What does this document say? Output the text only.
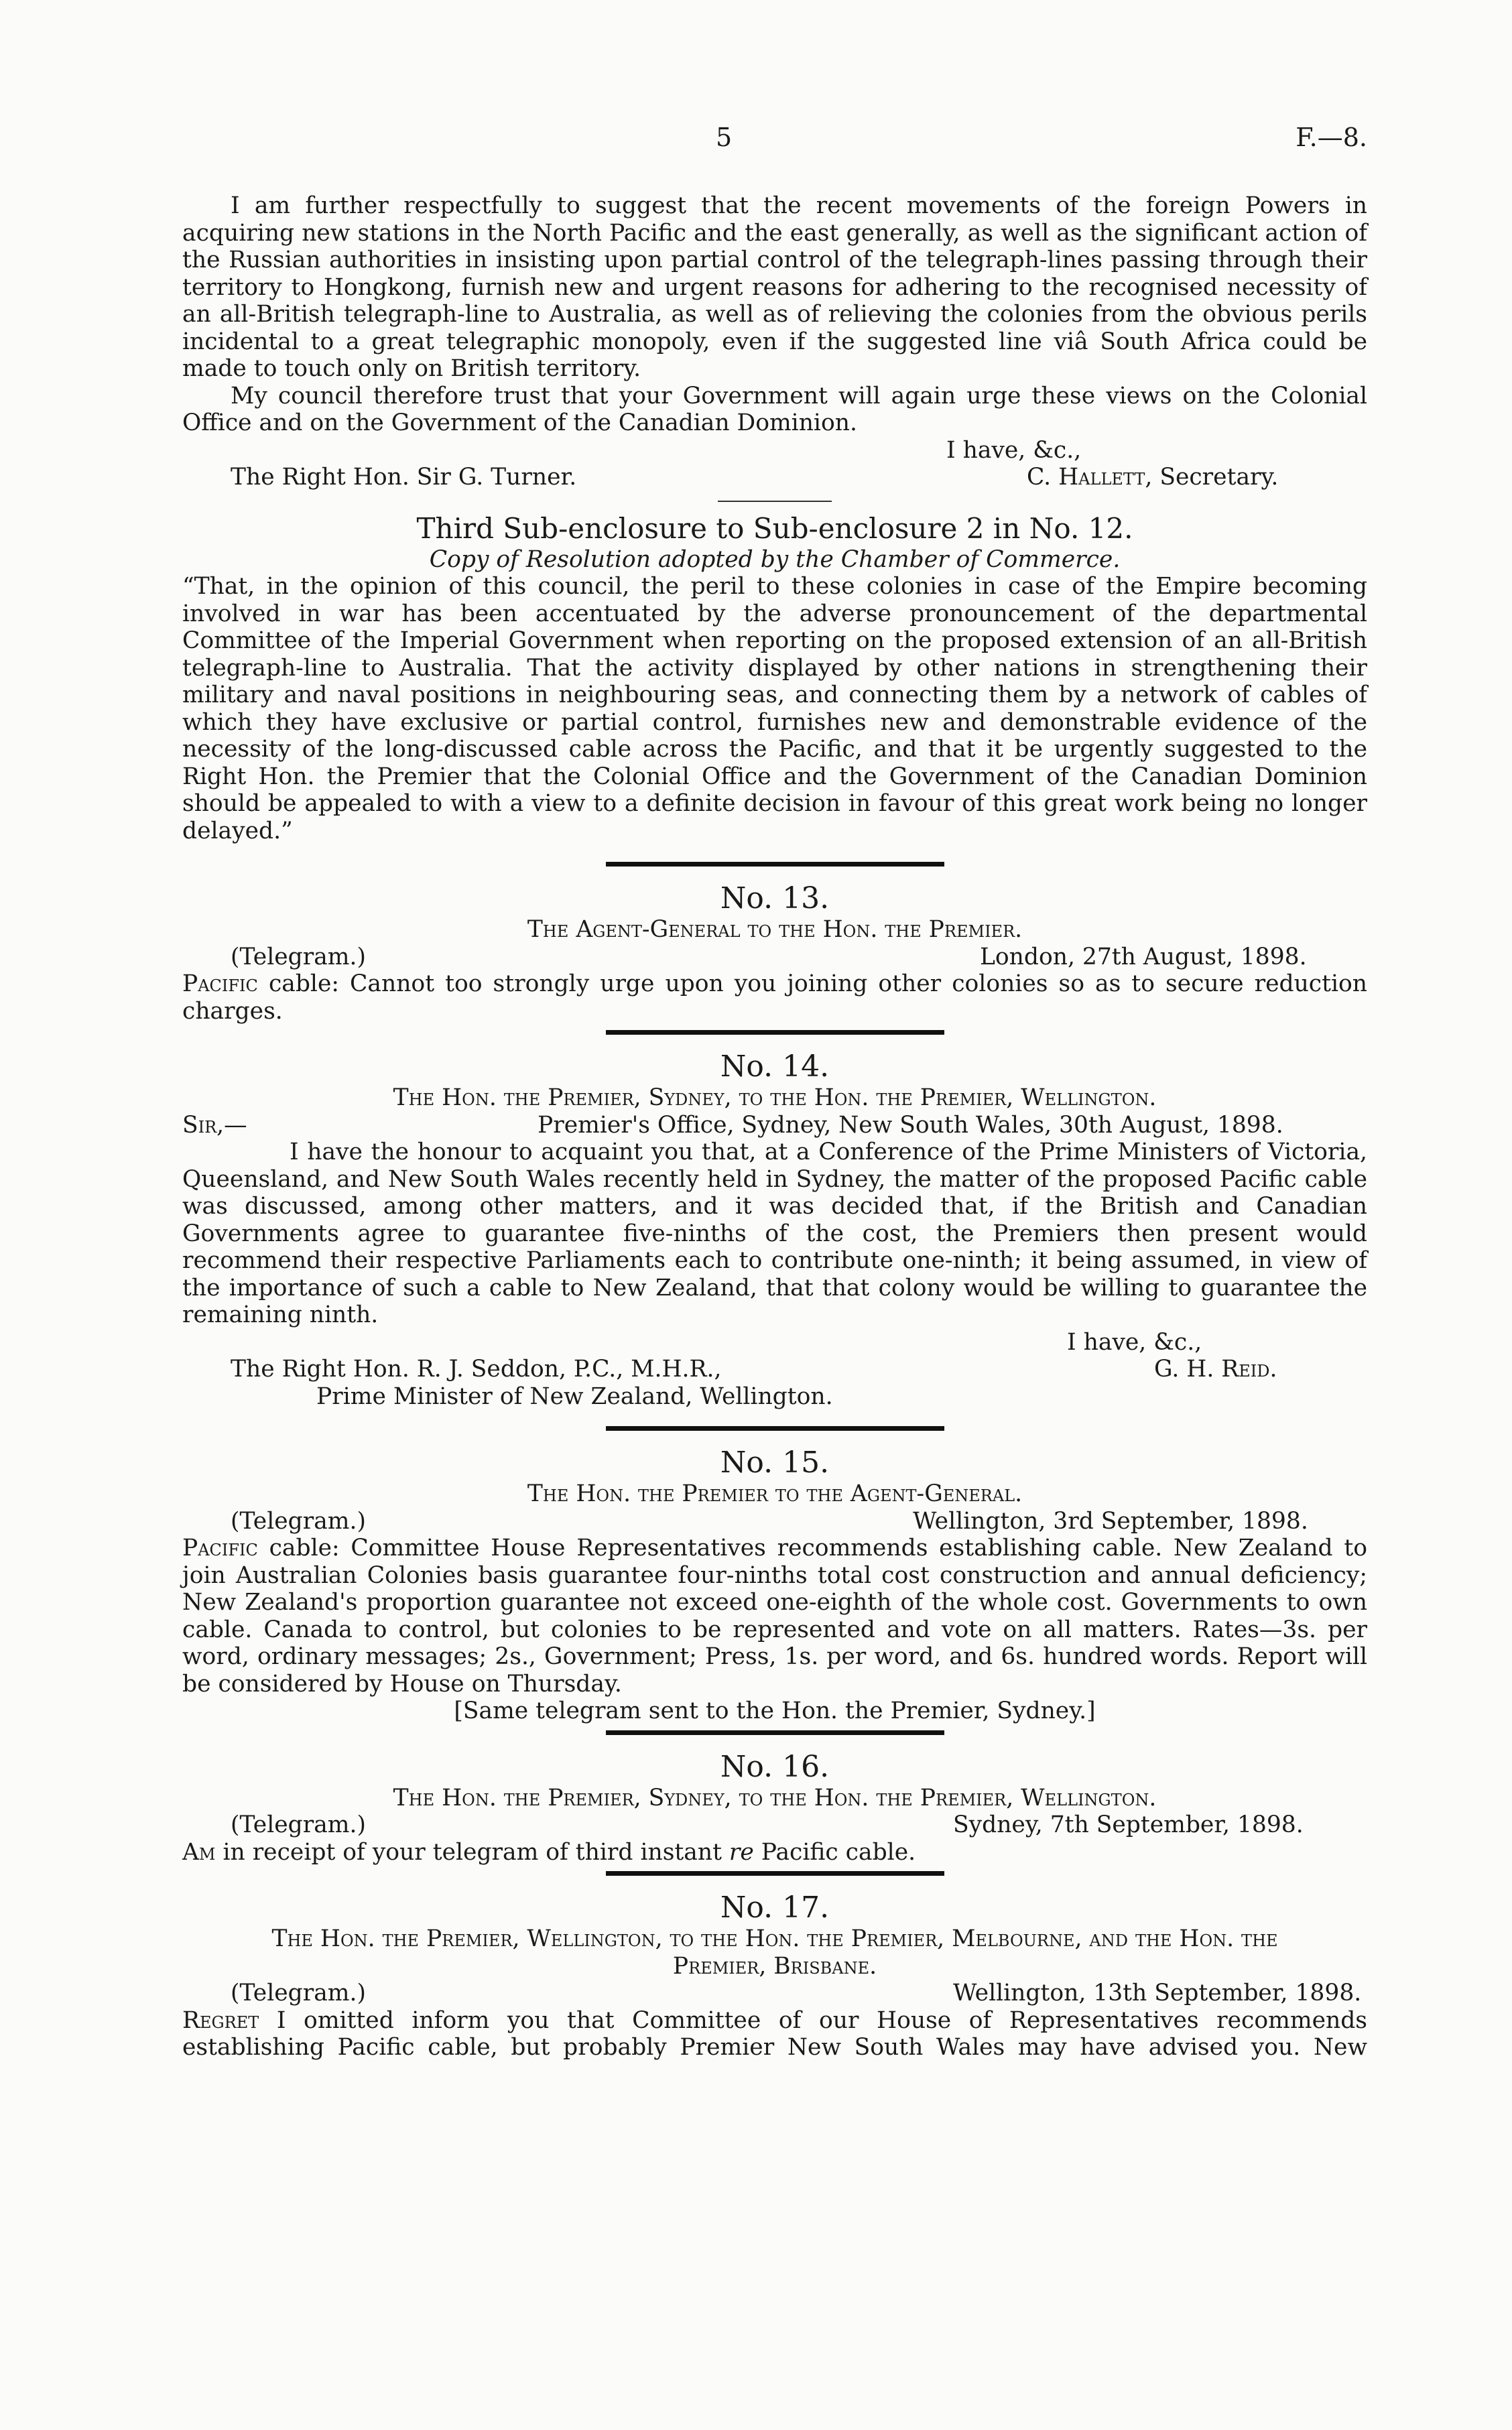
5	F.—8.

I am further respectfully to suggest that the recent movements of the foreign Powers in acquiring new stations in the North Pacific and the east generally, as well as the significant action of the Russian authorities in insisting upon partial control of the telegraph-lines passing through their territory to Hongkong, furnish new and urgent reasons for adhering to the recognised necessity of an all-British telegraph-line to Australia, as well as of relieving the colonies from the obvious perils incidental to a great telegraphic monopoly, even if the suggested line viâ South Africa could be made to touch only on British territory.

My council therefore trust that your Government will again urge these views on the Colonial Office and on the Government of the Canadian Dominion.

I have, &c.,
The Right Hon. Sir G. Turner.	C. Hallett, Secretary.

Third Sub-enclosure to Sub-enclosure 2 in No. 12.

Copy of Resolution adopted by the Chamber of Commerce.

“That, in the opinion of this council, the peril to these colonies in case of the Empire becoming involved in war has been accentuated by the adverse pronouncement of the departmental Committee of the Imperial Government when reporting on the proposed extension of an all-British telegraph-line to Australia. That the activity displayed by other nations in strengthening their military and naval positions in neighbouring seas, and connecting them by a network of cables of which they have exclusive or partial control, furnishes new and demonstrable evidence of the necessity of the long-discussed cable across the Pacific, and that it be urgently suggested to the Right Hon. the Premier that the Colonial Office and the Government of the Canadian Dominion should be appealed to with a view to a definite decision in favour of this great work being no longer delayed.”

No. 13.

The Agent-General to the Hon. the Premier.

(Telegram.)	London, 27th August, 1898.

Pacific cable: Cannot too strongly urge upon you joining other colonies so as to secure reduction charges.

No. 14.

The Hon. the Premier, Sydney, to the Hon. the Premier, Wellington.

Sir,—	Premier's Office, Sydney, New South Wales, 30th August, 1898.

I have the honour to acquaint you that, at a Conference of the Prime Ministers of Victoria, Queensland, and New South Wales recently held in Sydney, the matter of the proposed Pacific cable was discussed, among other matters, and it was decided that, if the British and Canadian Governments agree to guarantee five-ninths of the cost, the Premiers then present would recommend their respective Parliaments each to contribute one-ninth; it being assumed, in view of the importance of such a cable to New Zealand, that that colony would be willing to guarantee the remaining ninth.

I have, &c.,
The Right Hon. R. J. Seddon, P.C., M.H.R.,	G. H. Reid.
Prime Minister of New Zealand, Wellington.

No. 15.

The Hon. the Premier to the Agent-General.

(Telegram.)	Wellington, 3rd September, 1898.

Pacific cable: Committee House Representatives recommends establishing cable. New Zealand to join Australian Colonies basis guarantee four-ninths total cost construction and annual deficiency; New Zealand's proportion guarantee not exceed one-eighth of the whole cost. Governments to own cable. Canada to control, but colonies to be represented and vote on all matters. Rates—3s. per word, ordinary messages; 2s., Government; Press, 1s. per word, and 6s. hundred words. Report will be considered by House on Thursday.

[Same telegram sent to the Hon. the Premier, Sydney.]

No. 16.

The Hon. the Premier, Sydney, to the Hon. the Premier, Wellington.

(Telegram.)	Sydney, 7th September, 1898.

Am in receipt of your telegram of third instant re Pacific cable.

No. 17.

The Hon. the Premier, Wellington, to the Hon. the Premier, Melbourne, and the Hon. the

Premier, Brisbane.

(Telegram.)	Wellington, 13th September, 1898.

Regret I omitted inform you that Committee of our House of Representatives recommends establishing Pacific cable, but probably Premier New South Wales may have advised you. New
